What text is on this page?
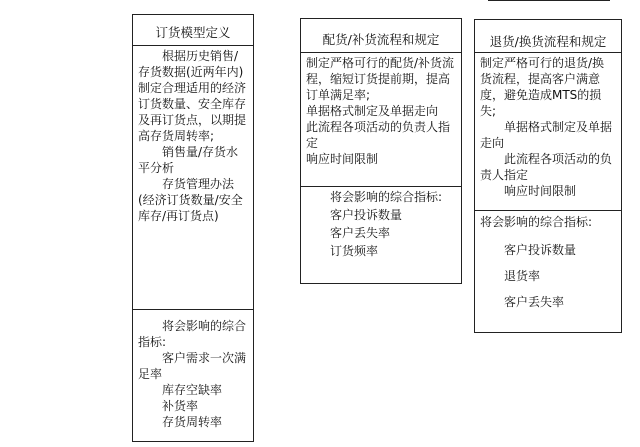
订货模型定义
根据历史销售/存货数据(近两年内)制定合理适用的经济订货数量、安全库存及再订货点，以期提高存货周转率;
销售量/存货水平分析
存货管理办法(经济订货数量/安全库存/再订货点)
将会影响的综合指标:
客户需求一次满足率
库存空缺率
补货率
存货周转率
配货/补货流程和规定
制定严格可行的配货/补货流程，缩短订货提前期，提高订单满足率;
单据格式制定及单据走向
此流程各项活动的负责人指定
响应时间限制
将会影响的综合指标:
客户投诉数量
客户丢失率
订货频率
退货/换货流程和规定
制定严格可行的退货/换货流程，提高客户满意度，避免造成MTS的损失;
单据格式制定及单据走向
此流程各项活动的负责人指定
响应时间限制
将会影响的综合指标:
客户投诉数量
退货率
客户丢失率
